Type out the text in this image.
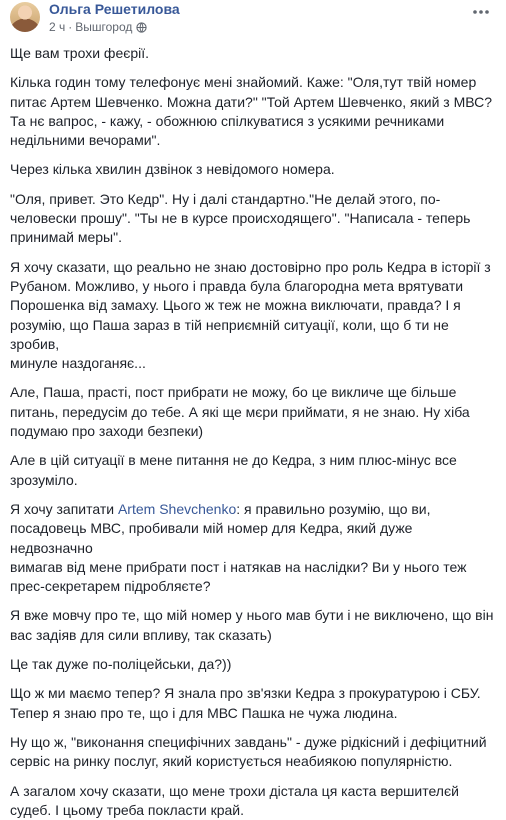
Ольга Решетилова
2 ч · Вышгород

Ще вам трохи феєрії.

Кілька годин тому телефонує мені знайомий. Каже: "Оля,тут твій номер
питає Артем Шевченко. Можна дати?" "Той Артем Шевченко, який з МВС?
Та нє вапрос, - кажу, - обожнюю спілкуватися з усякими речниками
недільними вечорами".

Через кілька хвилин дзвінок з невідомого номера.

"Оля, привет. Это Кедр". Ну і далі стандартно."Не делай этого, по-
человески прошу". "Ты не в курсе происходящего". "Написала - теперь
принимай меры".

Я хочу сказати, що реально не знаю достовірно про роль Кедра в історії з
Рубаном. Можливо, у нього і правда була благородна мета врятувати
Порошенка від замаху. Цього ж теж не можна виключати, правда? І я
розумію, що Паша зараз в тій неприємній ситуації, коли, що б ти не зробив,
минуле наздоганяє...

Але, Паша, прасті, пост прибрати не можу, бо це викличе ще більше
питань, передусім до тебе. А які ще мєри приймати, я не знаю. Ну хіба
подумаю про заходи безпеки)

Але в цій ситуації в мене питання не до Кедра, з ним плюс-мінус все
зрозуміло.

Я хочу запитати Artem Shevchenko: я правильно розумію, що ви,
посадовець МВС, пробивали мій номер для Кедра, який дуже недвозначно
вимагав від мене прибрати пост і натякав на наслідки? Ви у нього теж
прес-секретарем підробляєте?

Я вже мовчу про те, що мій номер у нього мав бути і не виключено, що він
вас задіяв для сили впливу, так сказать)

Це так дуже по-поліцейськи, да?))

Що ж ми маємо тепер? Я знала про зв'язки Кедра з прокуратурою і СБУ.
Тепер я знаю про те, що і для МВС Пашка не чужа людина.

Ну що ж, "виконання специфічних завдань" - дуже рідкісний і дефіцитний
сервіс на ринку послуг, який користується неабиякою популярністю.

А загалом хочу сказати, що мене трохи дістала ця каста вершителєй
судеб. І цьому треба покласти край.
